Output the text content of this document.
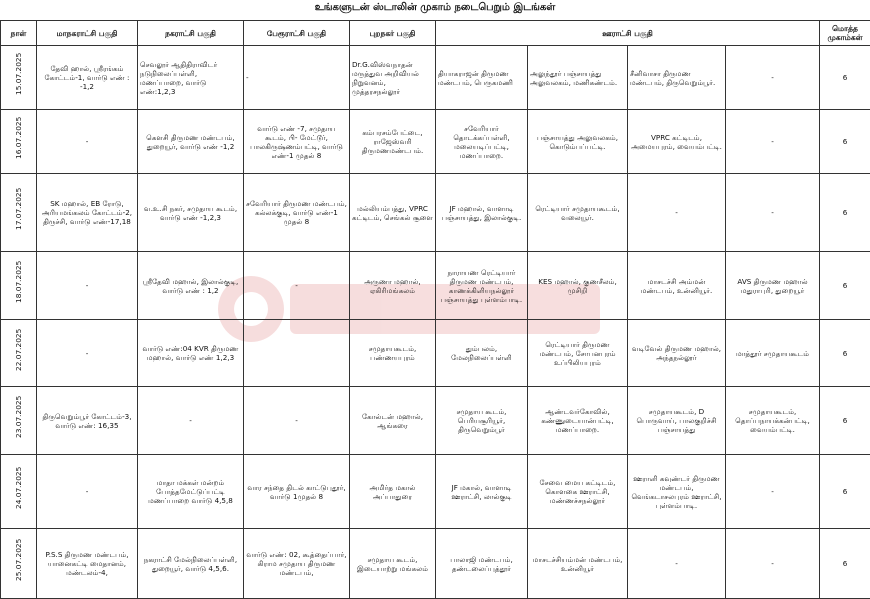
உங்களுடன் ஸ்டாலின் முகாம் நடைபெறும் இடங்கள்
நாள்	மாநகராட்சி பகுதி	நகராட்சி பகுதி	பேரூராட்சி பகுதி	புறநகர் பகுதி	ஊராட்சி பகுதி				மொத்த முகாம்கள்

15.07.2025	தேவி ஹால், ஸ்ரீரங்கம் கோட்டம்-1, வார்டு எண் : -1,2	செவலூர் ஆதிதிராவிடர் நடுநிலைப்பள்ளி, மணப்பாறை, வார்டு எண்:1,2,3	-	Dr.G.விஸ்வநாதன் மருத்துவ அறிவியல் நிறுவனம், முத்தரசநல்லூர்	தியாகராஜன் திருமண மண்டபம், பெருகமணி	அலுந்தூர் பஞ்சாயத்து அலுவலகம், மணிகண்டம்.	சீனிவாசா திருமண மண்டபம், திருவெறும்பூர்.	-	6

16.07.2025	-	கௌசி திருமண மண்டபம், துறையூர், வார்டு எண் -1,2	வார்டு எண் -7, சமுதாய கூடம், பி- மேட்டூர், பாலகிருஷ்ணம்பட்டி, வார்டு எண்-1 முதல் 8	கம்பரசம்பேட்டை, ராஜேஸ்வரி திருமணமண்டபம்.	சவேரியார் தொடக்கப்பள்ளி, மலையடிப்பட்டி, மணப்பாறை.	பஞ்சாயத்து அலுவலகம், கொடும்பப்பட்டி.	VPRC கட்டிடம், அமையபுரம், வையம்பட்டி.	-	6

17.07.2025	SK மஹால், EB ரோடு, அரியமங்கலம் கோட்டம்-2, திருச்சி, வார்டு எண்-17,18	வ.உ.சி நகர், சமுதாய கூடம், வார்டு எண் -1,2,3	சவேரியார் திருமண மண்டபம், கல்லக்குடி, வார்டு எண்-1 முதல் 8	மல்லியம்பத்து, VPRC கட்டிடம், செங்கல் சூளை	JF மஹால், வாளாடி பஞ்சாயத்து, இலால்குடி.	ரெட்டியார் சமுதாயகூடம், வலையூர்.	-	-	6

18.07.2025	-	ஸ்ரீதேவி மஹால், இலால்குடி, வார்டு எண் : 1,2	-	அருணா மஹால், ஏகிரிமங்கலம்	நாராயண ரெட்டியார் திருமண மண்டபம், காணக்கிளியநல்லூர் பஞ்சாயத்து புள்ளம்பாடி.	KES மஹால், குணசீலம், முசிறி	மாசடச்சி அம்மன் மண்டபம், உன்னியூர்.	AVS திருமண மஹால் மதுராபுரி, துறையூர்	6

22.07.2025	-	வார்டு எண்:04 KVR திருமண மஹால், வார்டு எண் 1,2,3		சமுதாயகூடம், பண்ணயபுரம்	தும்பலம், மேலநிலைப்பள்ளி	ரெட்டியார் திருமண மண்டபம், சோபனபுரம் உப்பிலியபுரம்	வடிவேல் திருமண மஹால், அந்தநல்லூர்	மாத்தூர் சமுதாயகூடம்	6

23.07.2025	திருவெறும்பூர் கோட்டம்-3, வார்டு எண்: 16,35	-	-	கோல்டன் மஹால், ஆங்கரை	சமுதாய கூடம், பெரியசூரியூர், திருவெறும்பூர்	ஆண்டவர்கோவில், கண்ணுடையான்பட்டி, மணப்பாறை.	சமுதாயகூடம், D பொருவாய், பாலகுறிச்சி பஞ்சாயத்து	சமுதாயகூடம், தொப்பநாயக்கன்பட்டி, வையம்பட்டி.	6

24.07.2025	-	மாதா மக்கள் மன்றம் போத்தமேட்டுப்பட்டி மணப்பாறை வார்டு 4,5,8	வார சந்தை திடல் காட்டுபுதூர், வார்டு 1முதல் 8	அமிர்த மகால் அப்பாதுரை	JF மகால், வாளாடி ஊராட்சி, லால்குடி	சேவை மைய கட்டிடம், கொளகை ஊராட்சி, மண்ணச்சநல்லூர்	ஊராளி கவுண்டர் திருமண மண்டபம், வெங்கடாசலபுரம் ஊராட்சி, புள்ளம்பாடி.	-	6

25.07.2025	P.S.S திருமண மண்டபம், யானைகட்டி மைதானம், மண்டலம்-4,	நகராட்சி மேல்நிலைப்பள்ளி, துறையூர், வார்டு 4,5,6.	வார்டு எண்: 02, கூத்தைப்பார், கிராம சமுதாய திருமண மண்டபம்,	சமுதாய கூடம், இடையாற்று மங்கலம்	பாலாஜி மண்டபம், தண்டலைப்புத்தூர்	மாசடச்சியம்மன் மண்டபம், உன்னியூர்	-	-	6
